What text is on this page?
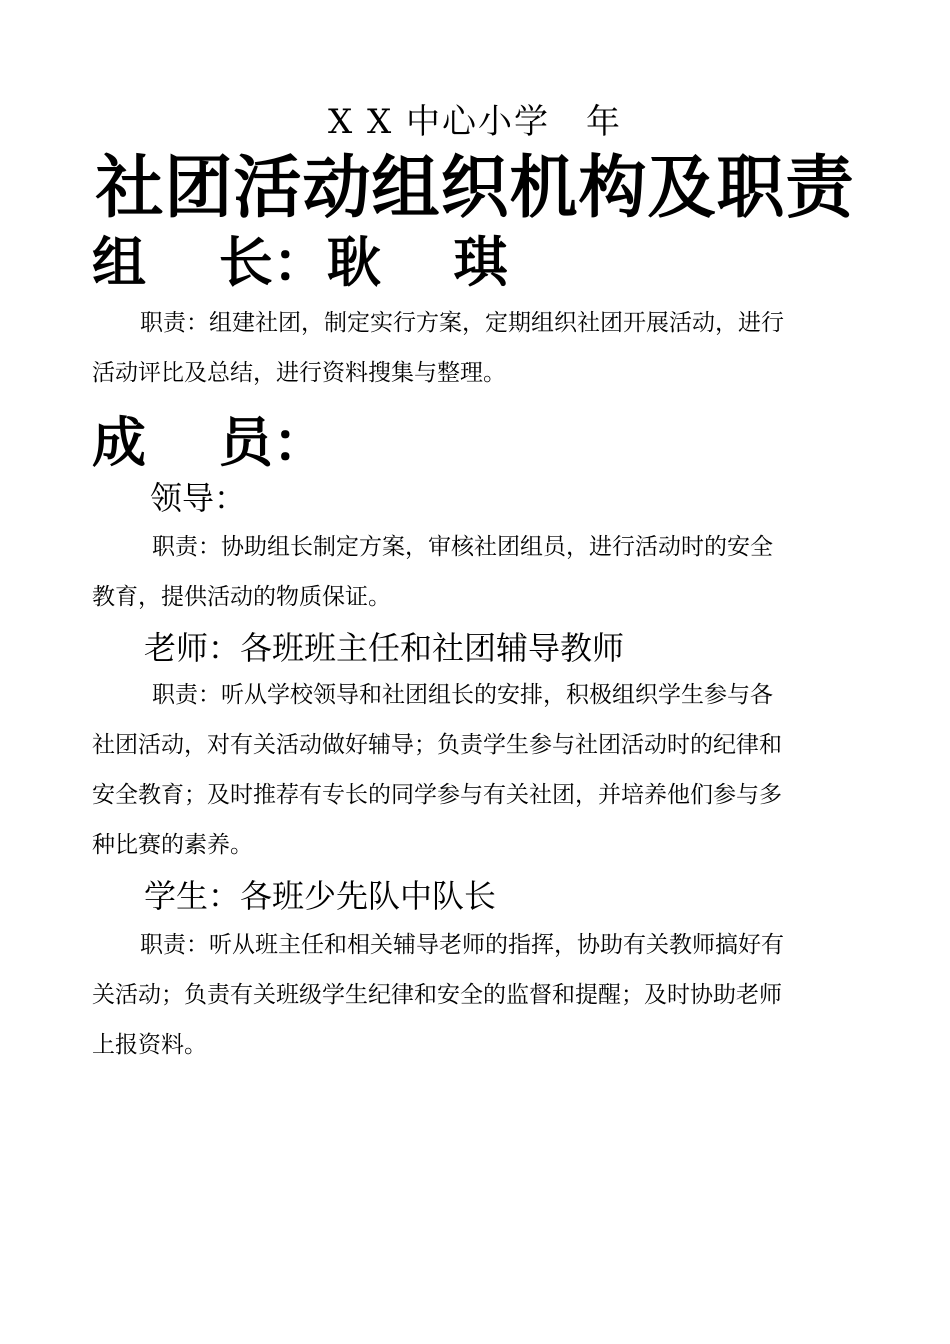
X X 中心小学　年
社团活动组织机构及职责
组　 长：耿　 琪
职责：组建社团，制定实行方案，定期组织社团开展活动，进行
活动评比及总结，进行资料搜集与整理。
成　 员：
领导：
职责：协助组长制定方案，审核社团组员，进行活动时的安全
教育，提供活动的物质保证。
老师：各班班主任和社团辅导教师
职责：听从学校领导和社团组长的安排，积极组织学生参与各
社团活动，对有关活动做好辅导；负责学生参与社团活动时的纪律和
安全教育；及时推荐有专长的同学参与有关社团，并培养他们参与多
种比赛的素养。
学生：各班少先队中队长
职责：听从班主任和相关辅导老师的指挥，协助有关教师搞好有
关活动；负责有关班级学生纪律和安全的监督和提醒；及时协助老师
上报资料。
